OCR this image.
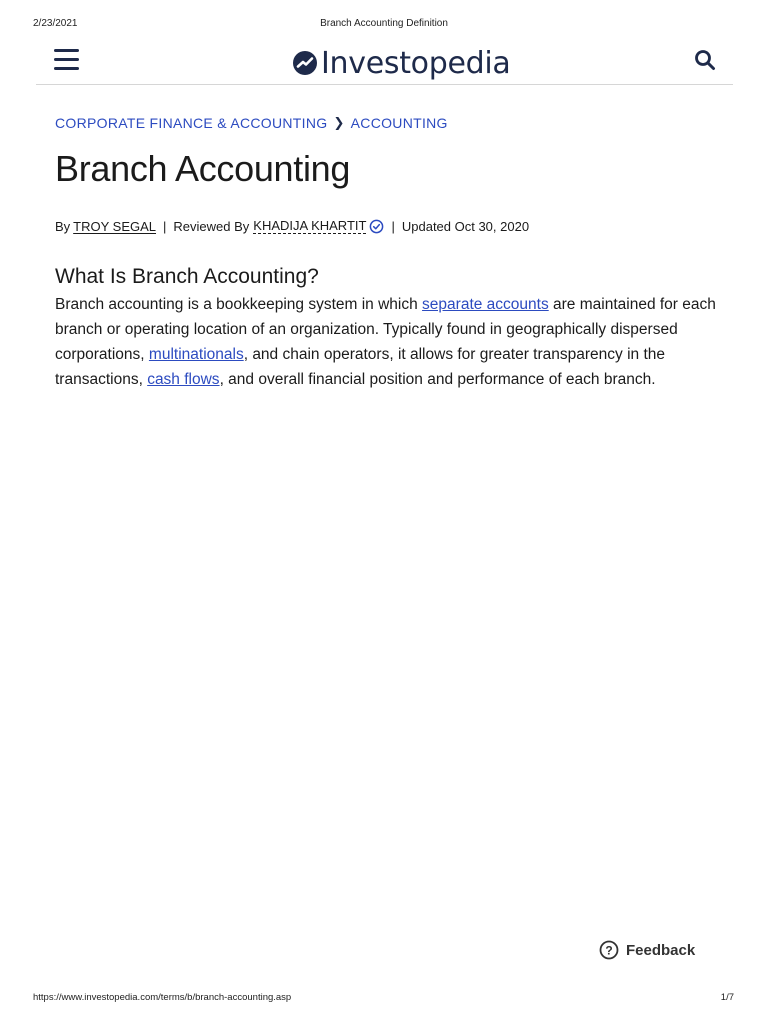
2/23/2021	Branch Accounting Definition
Investopedia
CORPORATE FINANCE & ACCOUNTING ❯ ACCOUNTING
Branch Accounting
By TROY SEGAL | Reviewed By KHADIJA KHARTIT | Updated Oct 30, 2020
What Is Branch Accounting?

Branch accounting is a bookkeeping system in which separate accounts are maintained for each branch or operating location of an organization. Typically found in geographically dispersed corporations, multinationals, and chain operators, it allows for greater transparency in the transactions, cash flows, and overall financial position and performance of each branch.

? Feedback
https://www.investopedia.com/terms/b/branch-accounting.asp	1/7
